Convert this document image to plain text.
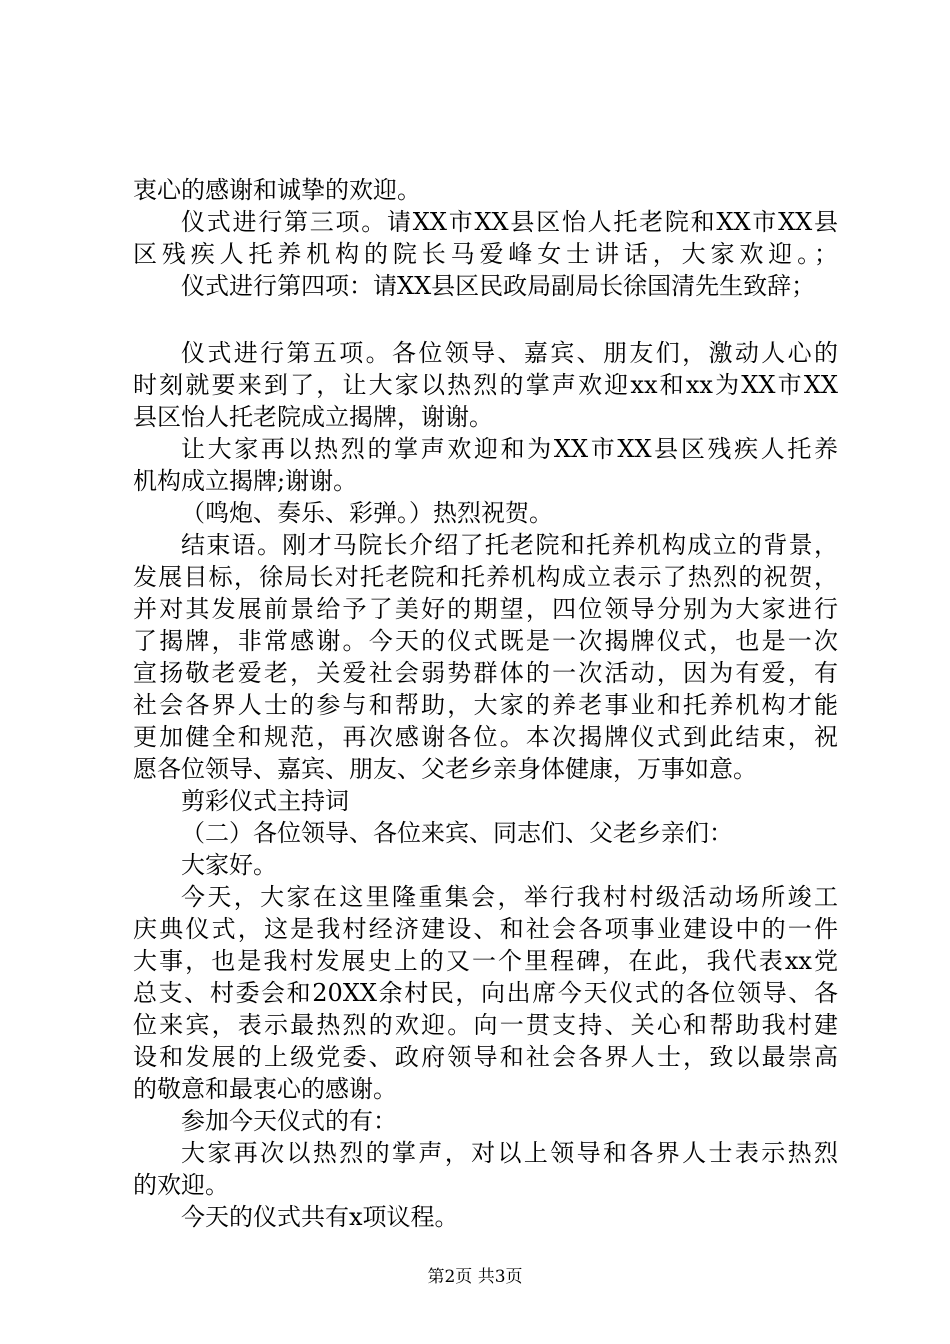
衷心的感谢和诚挚的欢迎。
仪式进行第三项。请XX市XX县区怡人托老院和XX市XX县
区残疾人托养机构的院长马爱峰女士讲话，大家欢迎。；
仪式进行第四项：请XX县区民政局副局长徐国清先生致辞；
仪式进行第五项。各位领导、嘉宾、朋友们，激动人心的
时刻就要来到了，让大家以热烈的掌声欢迎xx和xx为XX市XX
县区怡人托老院成立揭牌，谢谢。
让大家再以热烈的掌声欢迎和为XX市XX县区残疾人托养
机构成立揭牌;谢谢。
（鸣炮、奏乐、彩弹。）热烈祝贺。
结束语。刚才马院长介绍了托老院和托养机构成立的背景，
发展目标，徐局长对托老院和托养机构成立表示了热烈的祝贺，
并对其发展前景给予了美好的期望，四位领导分别为大家进行
了揭牌，非常感谢。今天的仪式既是一次揭牌仪式，也是一次
宣扬敬老爱老，关爱社会弱势群体的一次活动，因为有爱，有
社会各界人士的参与和帮助，大家的养老事业和托养机构才能
更加健全和规范，再次感谢各位。本次揭牌仪式到此结束，祝
愿各位领导、嘉宾、朋友、父老乡亲身体健康，万事如意。
剪彩仪式主持词
（二）各位领导、各位来宾、同志们、父老乡亲们：
大家好。
今天，大家在这里隆重集会，举行我村村级活动场所竣工
庆典仪式，这是我村经济建设、和社会各项事业建设中的一件
大事，也是我村发展史上的又一个里程碑，在此，我代表xx党
总支、村委会和20XX余村民，向出席今天仪式的各位领导、各
位来宾，表示最热烈的欢迎。向一贯支持、关心和帮助我村建
设和发展的上级党委、政府领导和社会各界人士，致以最崇高
的敬意和最衷心的感谢。
参加今天仪式的有：
大家再次以热烈的掌声，对以上领导和各界人士表示热烈
的欢迎。
今天的仪式共有x项议程。
第2页 共3页
